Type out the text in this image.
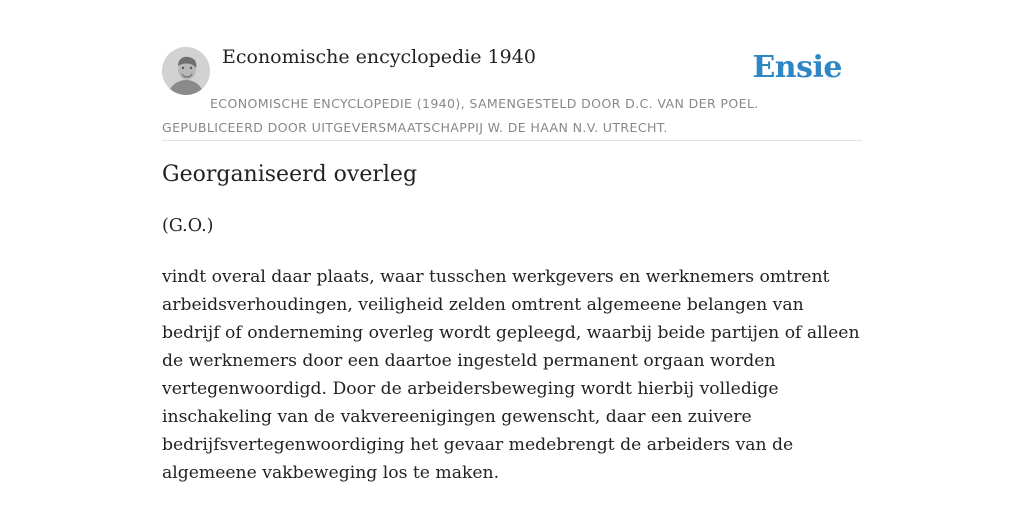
Economische encyclopedie 1940	Ensie
ECONOMISCHE ENCYCLOPEDIE (1940), SAMENGESTELD DOOR D.C. VAN DER POEL. GEPUBLICEERD DOOR UITGEVERSMAATSCHAPPIJ W. DE HAAN N.V. UTRECHT.
Georganiseerd overleg

(G.O.)

vindt overal daar plaats, waar tusschen werkgevers en werknemers omtrent arbeidsverhoudingen, veiligheid zelden omtrent algemeene belangen van bedrijf of onderneming overleg wordt gepleegd, waarbij beide partijen of alleen de werknemers door een daartoe ingesteld permanent orgaan worden vertegenwoordigd. Door de arbeidersbeweging wordt hierbij volledige inschakeling van de vakvereenigingen gewenscht, daar een zuivere bedrijfsvertegenwoordiging het gevaar medebrengt de arbeiders van de algemeene vakbeweging los te maken.
